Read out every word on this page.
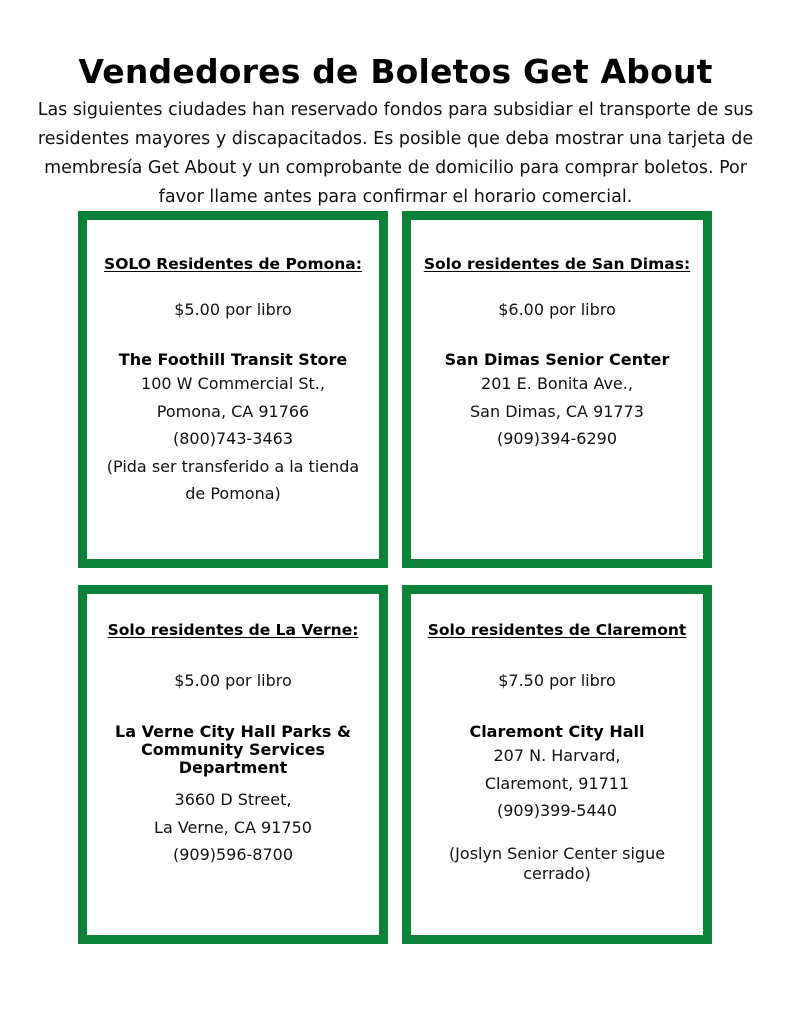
Vendedores de Boletos Get About

Las siguientes ciudades han reservado fondos para subsidiar el transporte de sus residentes mayores y discapacitados. Es posible que deba mostrar una tarjeta de membresía Get About y un comprobante de domicilio para comprar boletos. Por favor llame antes para confirmar el horario comercial.

SOLO Residentes de Pomona:
$5.00 por libro
The Foothill Transit Store
100 W Commercial St.,
Pomona, CA 91766
(800)743-3463
(Pida ser transferido a la tienda
de Pomona)
Solo residentes de San Dimas:
$6.00 por libro
San Dimas Senior Center
201 E. Bonita Ave.,
San Dimas, CA 91773
(909)394-6290
Solo residentes de La Verne:
$5.00 por libro
La Verne City Hall Parks & Community Services Department
3660 D Street,
La Verne, CA 91750
(909)596-8700
Solo residentes de Claremont
$7.50 por libro
Claremont City Hall
207 N. Harvard,
Claremont, 91711
(909)399-5440
(Joslyn Senior Center sigue cerrado)
